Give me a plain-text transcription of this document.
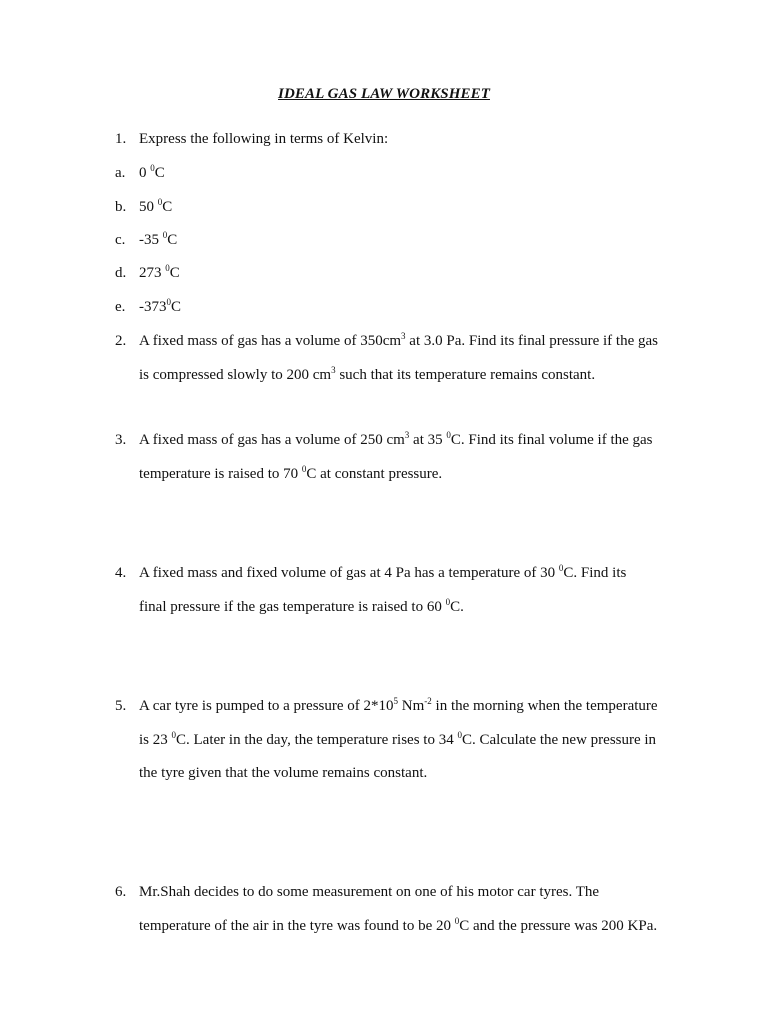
IDEAL GAS LAW WORKSHEET
1. Express the following in terms of Kelvin:
a. 0 $^0$C
b. 50 $^0$C
c. -35 $^0$C
d. 273 $^0$C
e. $-373^0C$
2. A fixed mass of gas has a volume of $350cm^3$ at 3.0 Pa. Find its final pressure if the gas
is compressed slowly to 200 $cm^3$ such that its temperature remains constant.
3. A fixed mass of gas has a volume of 250 $cm^3$ at 35 $^0$C. Find its final volume if the gas
temperature is raised to 70 $^0$C at constant pressure.
4. A fixed mass and fixed volume of gas at 4 Pa has a temperature of 30 $^0$C. Find its
final pressure if the gas temperature is raised to 60 $^0$C.
5. A car tyre is pumped to a pressure of $2*10^5$ $Nm^{-2}$ in the morning when the temperature
is 23 $^0$C. Later in the day, the temperature rises to 34 $^0$C. Calculate the new pressure in
the tyre given that the volume remains constant.
6. Mr.Shah decides to do some measurement on one of his motor car tyres. The
temperature of the air in the tyre was found to be 20 $^0$C and the pressure was 200 KPa.
